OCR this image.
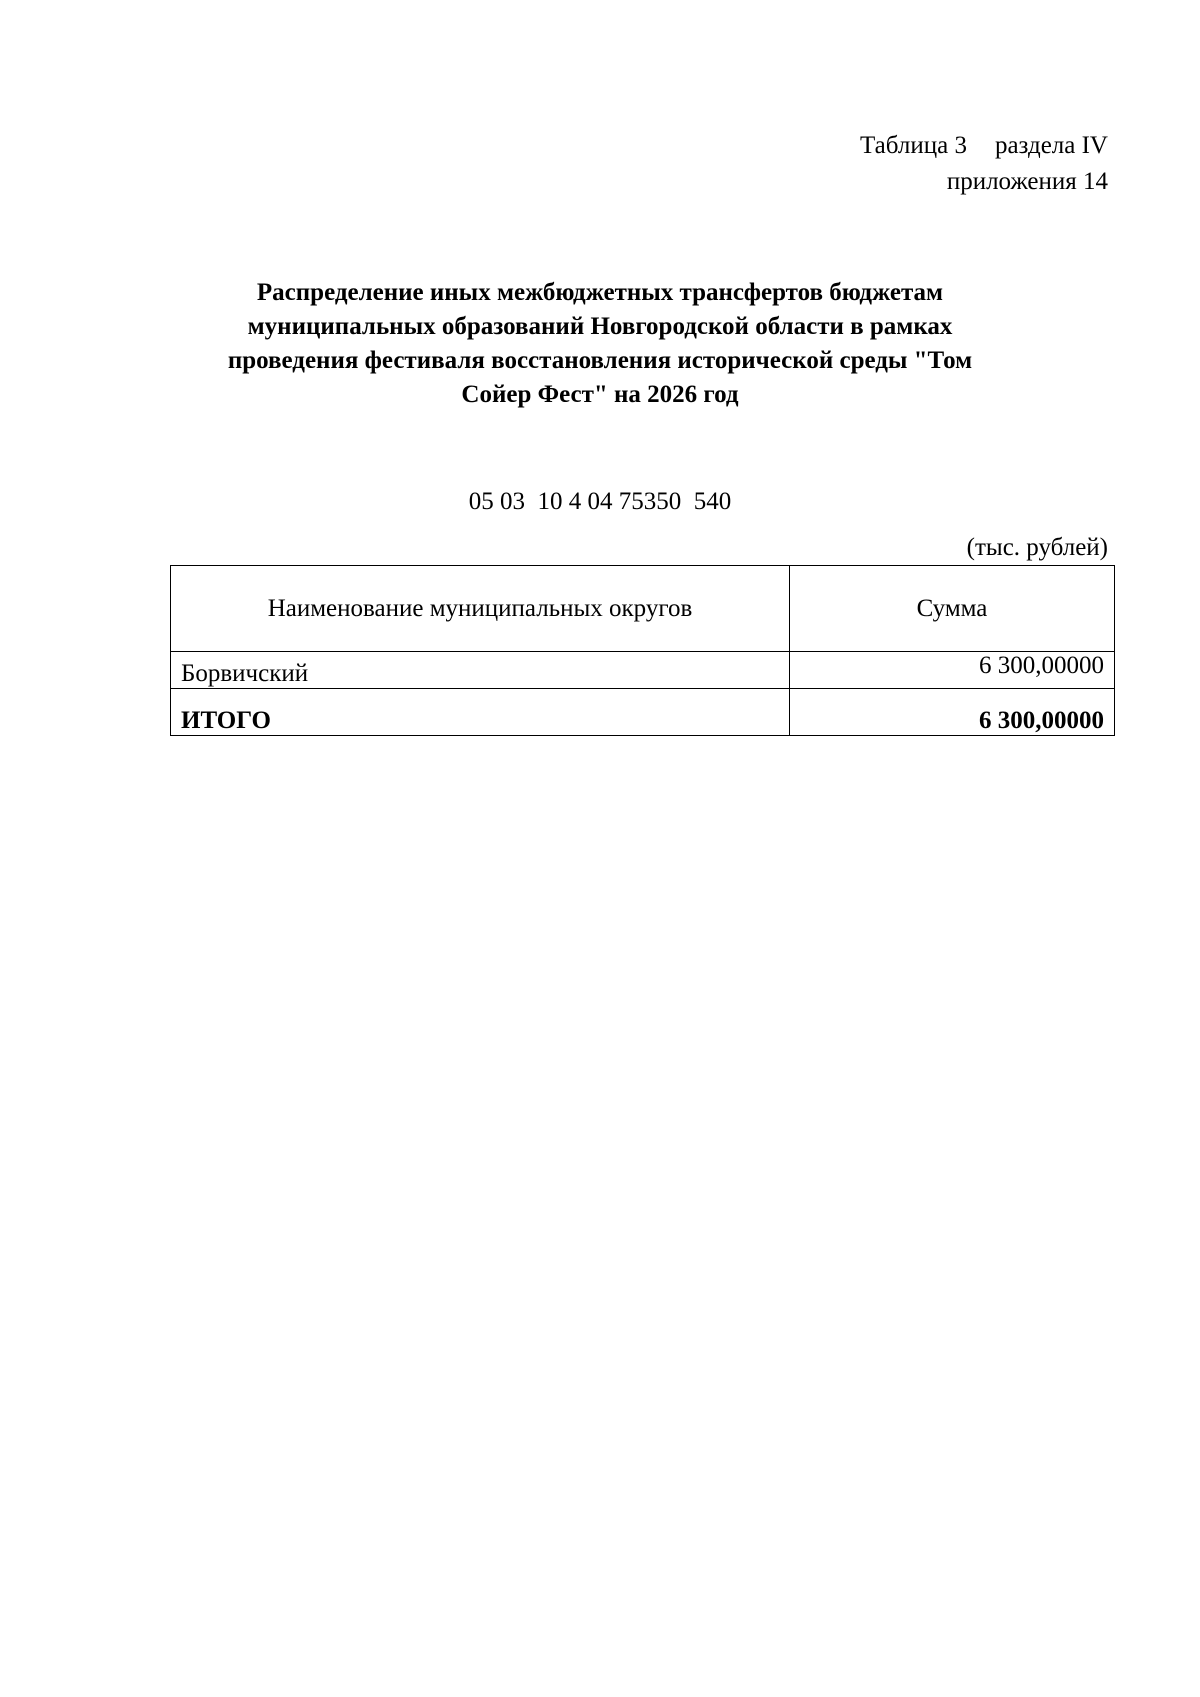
Таблица 3 раздела IV
приложения 14
Распределение иных межбюджетных трансфертов бюджетам
муниципальных образований Новгородской области в рамках
проведения фестиваля восстановления исторической среды "Том
Сойер Фест" на 2026 год
05 03  10 4 04 75350  540
(тыс. рублей)
Наименование муниципальных округов	Сумма
Борвичский	6 300,00000
ИТОГО	6 300,00000
